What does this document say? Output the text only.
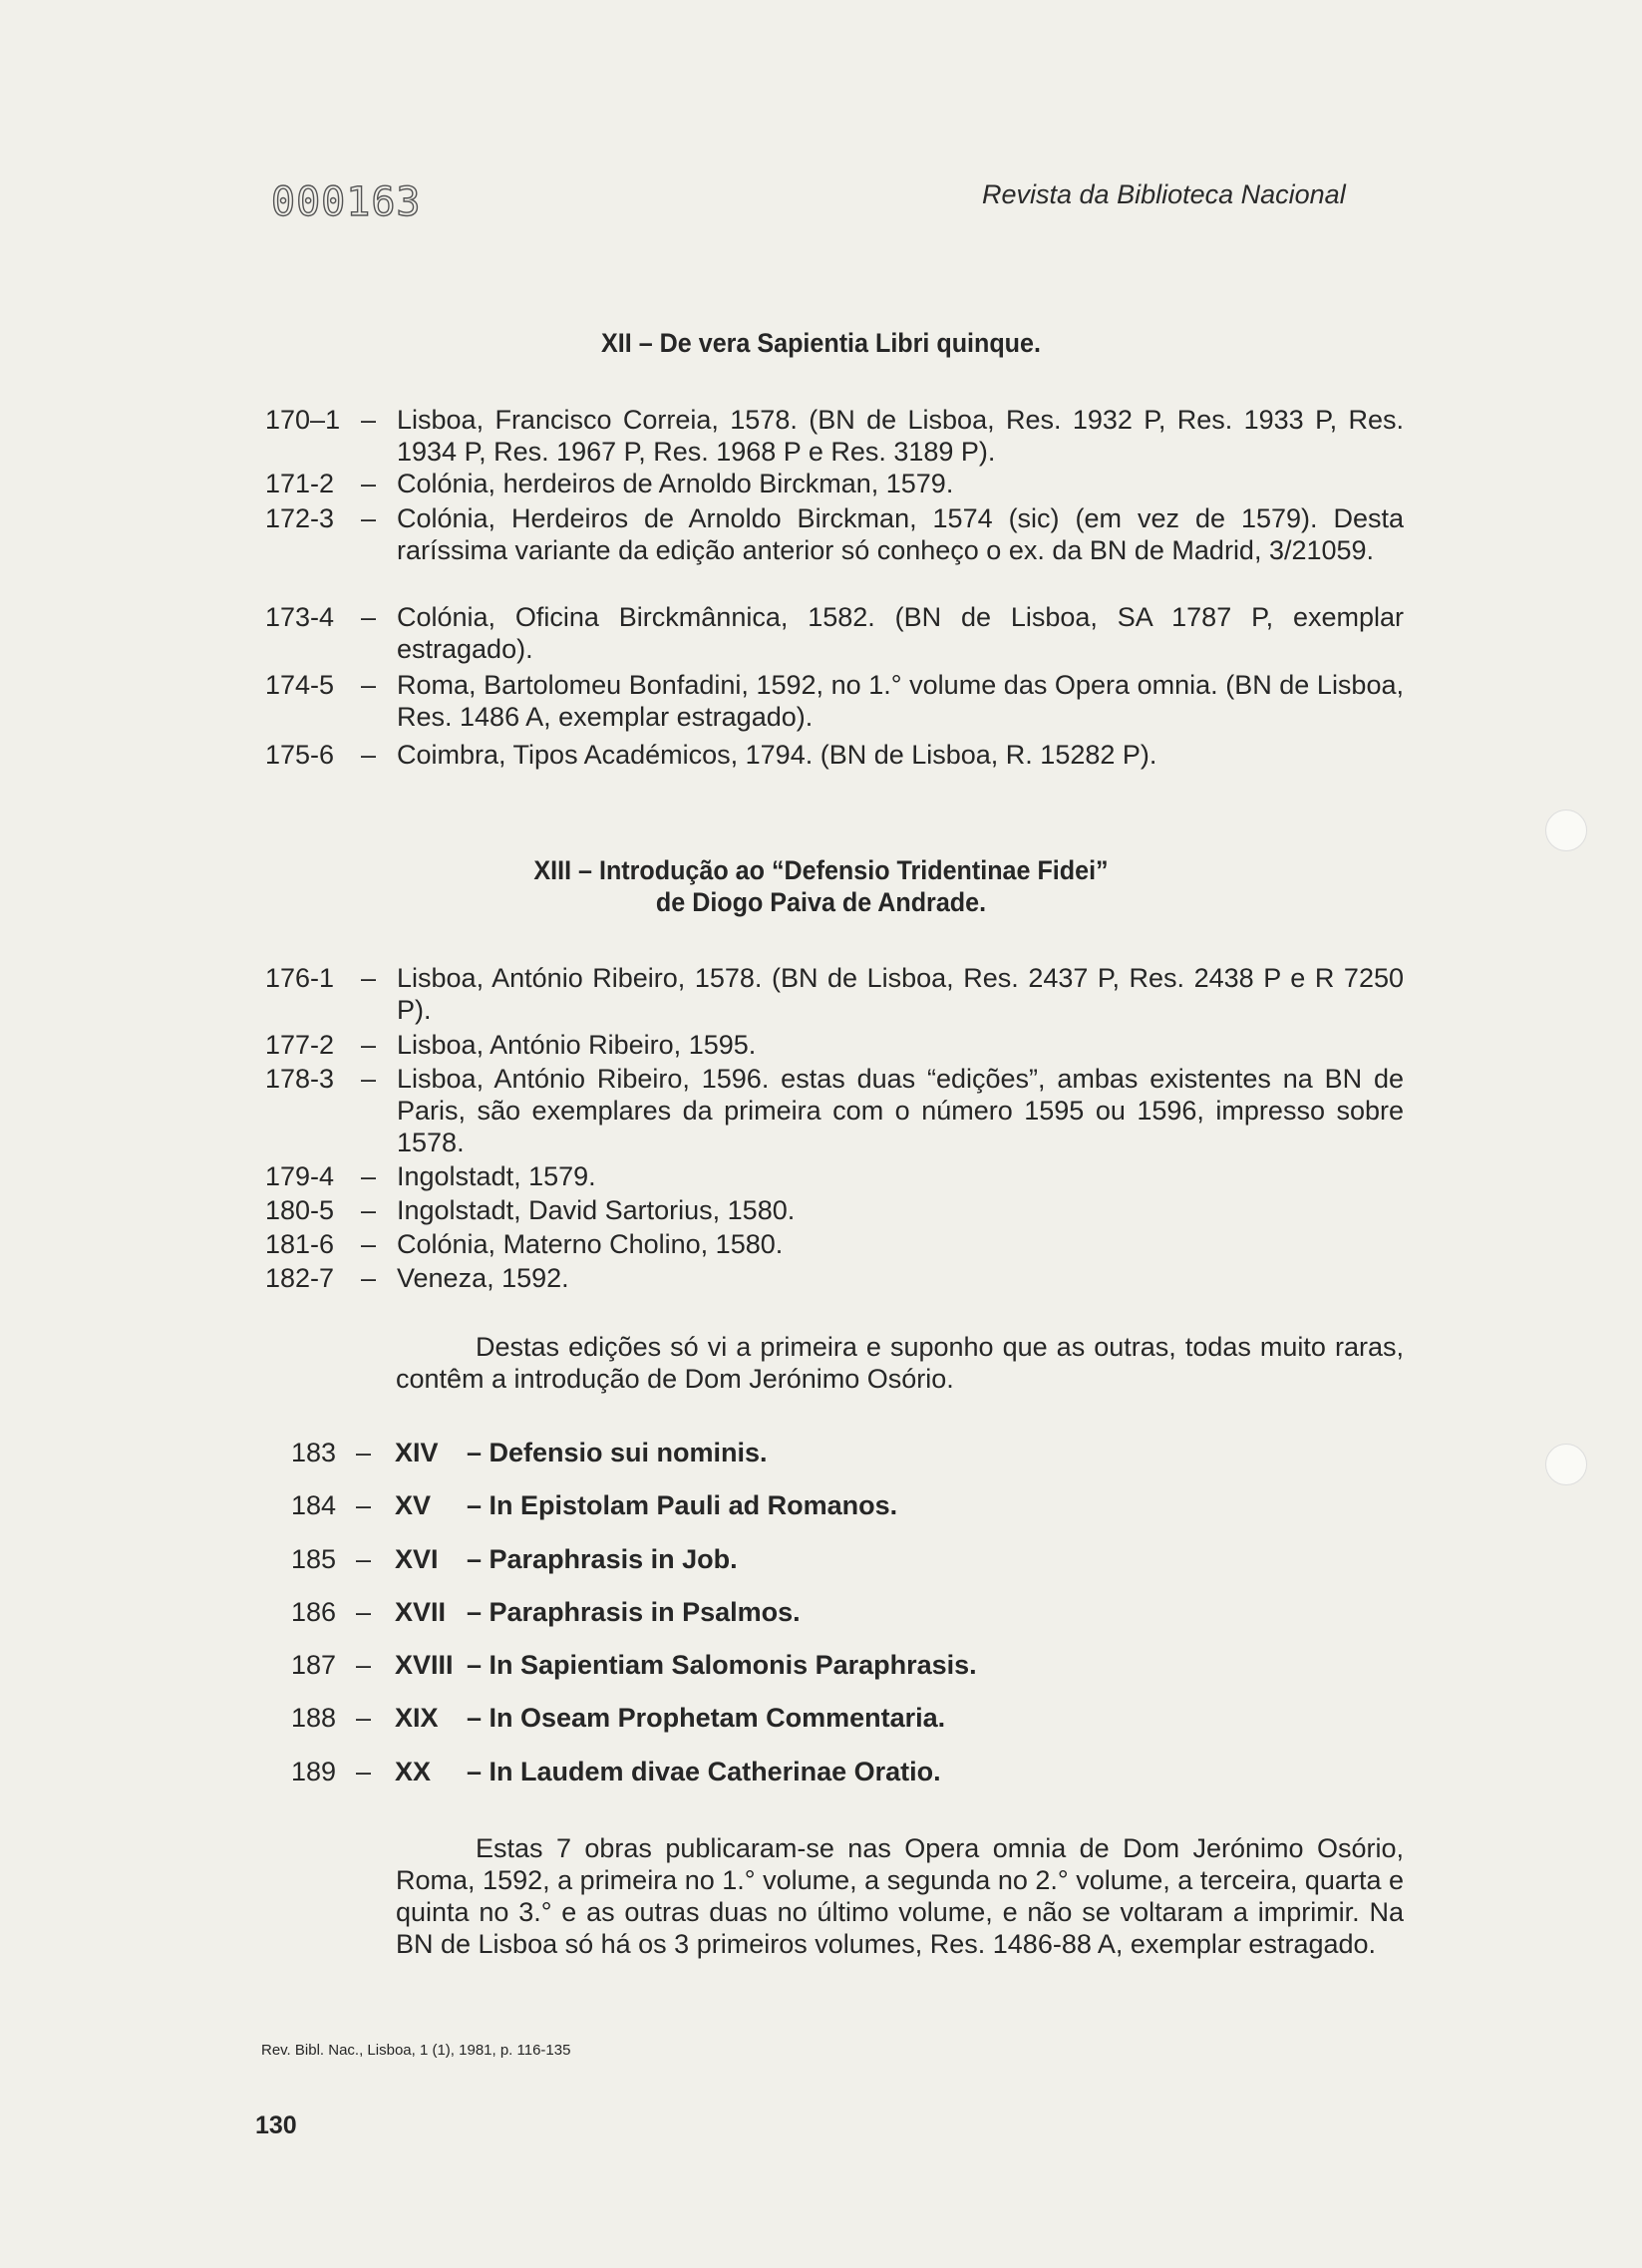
000163	Revista da Biblioteca Nacional
XII – De vera Sapientia Libri quinque.
170–1 – Lisboa, Francisco Correia, 1578. (BN de Lisboa, Res. 1932 P, Res. 1933 P, Res. 1934 P, Res. 1967 P, Res. 1968 P e Res. 3189 P).
171-2 – Colónia, herdeiros de Arnoldo Birckman, 1579.
172-3 – Colónia, Herdeiros de Arnoldo Birckman, 1574 (sic) (em vez de 1579). Desta raríssima variante da edição anterior só conheço o ex. da BN de Madrid, 3/21059.
173-4 – Colónia, Oficina Birckmânnica, 1582. (BN de Lisboa, SA 1787 P, exemplar estragado).
174-5 – Roma, Bartolomeu Bonfadini, 1592, no 1.° volume das Opera omnia. (BN de Lisboa, Res. 1486 A, exemplar estragado).
175-6 – Coimbra, Tipos Académicos, 1794. (BN de Lisboa, R. 15282 P).
XIII – Introdução ao “Defensio Tridentinae Fidei”
de Diogo Paiva de Andrade.
176-1 – Lisboa, António Ribeiro, 1578. (BN de Lisboa, Res. 2437 P, Res. 2438 P e R 7250 P).
177-2 – Lisboa, António Ribeiro, 1595.
178-3 – Lisboa, António Ribeiro, 1596. estas duas “edições”, ambas existentes na BN de Paris, são exemplares da primeira com o número 1595 ou 1596, impresso sobre 1578.
179-4 – Ingolstadt, 1579.
180-5 – Ingolstadt, David Sartorius, 1580.
181-6 – Colónia, Materno Cholino, 1580.
182-7 – Veneza, 1592.
Destas edições só vi a primeira e suponho que as outras, todas muito raras, contêm a introdução de Dom Jerónimo Osório.
183 – XIV – Defensio sui nominis.
184 – XV – In Epistolam Pauli ad Romanos.
185 – XVI – Paraphrasis in Job.
186 – XVII – Paraphrasis in Psalmos.
187 – XVIII – In Sapientiam Salomonis Paraphrasis.
188 – XIX – In Oseam Prophetam Commentaria.
189 – XX – In Laudem divae Catherinae Oratio.
Estas 7 obras publicaram-se nas Opera omnia de Dom Jerónimo Osório, Roma, 1592, a primeira no 1.° volume, a segunda no 2.° volume, a terceira, quarta e quinta no 3.° e as outras duas no último volume, e não se voltaram a imprimir. Na BN de Lisboa só há os 3 primeiros volumes, Res. 1486-88 A, exemplar estragado.
Rev. Bibl. Nac., Lisboa, 1 (1), 1981, p. 116-135
130
